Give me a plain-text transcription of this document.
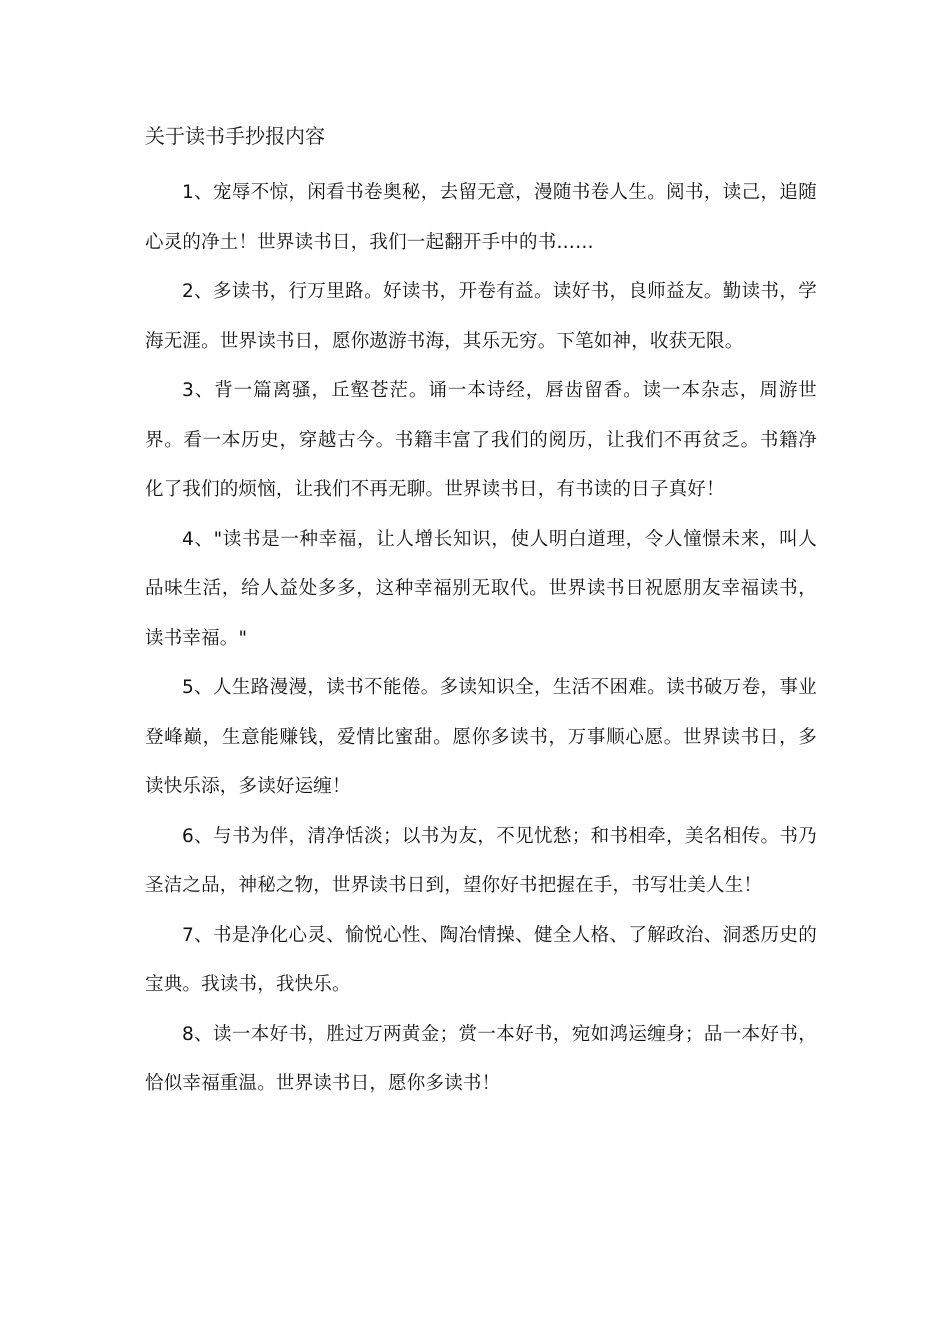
关于读书手抄报内容

1、宠辱不惊，闲看书卷奥秘，去留无意，漫随书卷人生。阅书，读己，追随心灵的净土！世界读书日，我们一起翻开手中的书……

2、多读书，行万里路。好读书，开卷有益。读好书，良师益友。勤读书，学海无涯。世界读书日，愿你遨游书海，其乐无穷。下笔如神，收获无限。

3、背一篇离骚，丘壑苍茫。诵一本诗经，唇齿留香。读一本杂志，周游世界。看一本历史，穿越古今。书籍丰富了我们的阅历，让我们不再贫乏。书籍净化了我们的烦恼，让我们不再无聊。世界读书日，有书读的日子真好！

4、"读书是一种幸福，让人增长知识，使人明白道理，令人憧憬未来，叫人品味生活，给人益处多多，这种幸福别无取代。世界读书日祝愿朋友幸福读书，读书幸福。"

5、人生路漫漫，读书不能倦。多读知识全，生活不困难。读书破万卷，事业登峰巅，生意能赚钱，爱情比蜜甜。愿你多读书，万事顺心愿。世界读书日，多读快乐添，多读好运缠！

6、与书为伴，清净恬淡；以书为友，不见忧愁；和书相牵，美名相传。书乃圣洁之品，神秘之物，世界读书日到，望你好书把握在手，书写壮美人生！

7、书是净化心灵、愉悦心性、陶冶情操、健全人格、了解政治、洞悉历史的宝典。我读书，我快乐。

8、读一本好书，胜过万两黄金；赏一本好书，宛如鸿运缠身；品一本好书，恰似幸福重温。世界读书日，愿你多读书！
